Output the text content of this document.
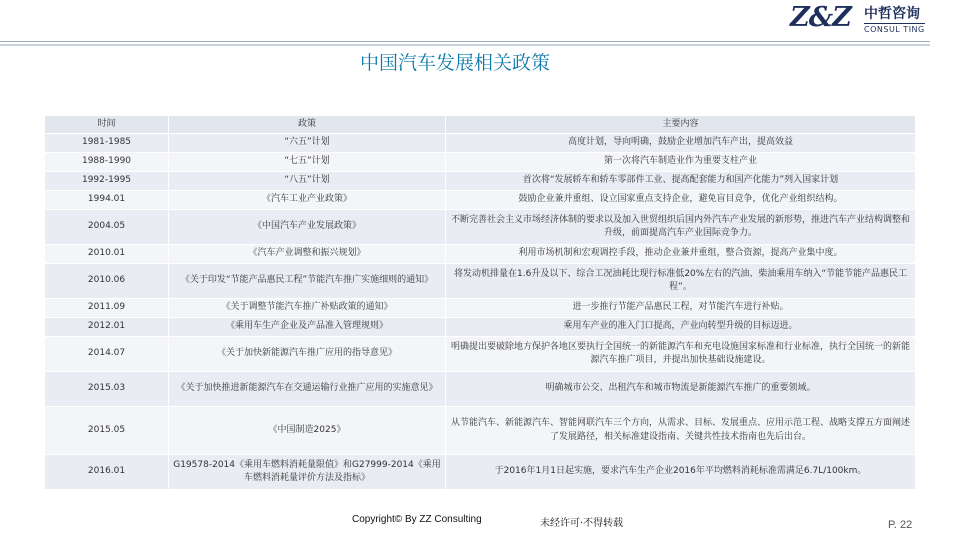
Z&Z 中哲咨询
CONSUL TING
中国汽车发展相关政策
时间	政策	主要内容
1981-1985	“六五”计划	高度计划，导向明确，鼓励企业增加汽车产出，提高效益
1988-1990	“七五”计划	第一次将汽车制造业作为重要支柱产业
1992-1995	“八五”计划	首次将“发展轿车和轿车零部件工业、提高配套能力和国产化能力”列入国家计划
1994.01	《汽车工业产业政策》	鼓励企业兼并重组、设立国家重点支持企业，避免盲目竞争，优化产业组织结构。
2004.05	《中国汽车产业发展政策》	不断完善社会主义市场经济体制的要求以及加入世贸组织后国内外汽车产业发展的新形势，推进汽车产业结构调整和升级，前面提高汽车产业国际竞争力。
2010.01	《汽车产业调整和振兴规划》	利用市场机制和宏观调控手段，推动企业兼并重组，整合资源，提高产业集中度。
2010.06	《关于印发“节能产品惠民工程”节能汽车推广实施细则的通知》	将发动机排量在1.6升及以下、综合工况油耗比现行标准低20%左右的汽油、柴油乘用车纳入“节能节能产品惠民工程”。
2011.09	《关于调整节能汽车推广补贴政策的通知》	进一步推行节能产品惠民工程，对节能汽车进行补贴。
2012.01	《乘用车生产企业及产品准入管理规则》	乘用车产业的准入门口提高，产业向转型升级的目标迈进。
2014.07	《关于加快新能源汽车推广应用的指导意见》	明确提出要破除地方保护各地区要执行全国统一的新能源汽车和充电设施国家标准和行业标准，执行全国统一的新能源汽车推广项目，并提出加快基础设施建设。
2015.03	《关于加快推进新能源汽车在交通运输行业推广应用的实施意见》	明确城市公交、出租汽车和城市物流是新能源汽车推广的重要领域。
2015.05	《中国制造2025》	从节能汽车、新能源汽车、智能网联汽车三个方向，从需求、目标、发展重点、应用示范工程、战略支撑五方面阐述了发展路径，相关标准建设指南、关键共性技术指南也先后出台。
2016.01	G19578-2014《乘用车燃料消耗量限值》和G27999-2014《乘用车燃料消耗量评价方法及指标》	于2016年1月1日起实施，要求汽车生产企业2016年平均燃料消耗标准需满足6.7L/100km。
Copyright© By ZZ Consulting	未经许可·不得转载	P. 22
